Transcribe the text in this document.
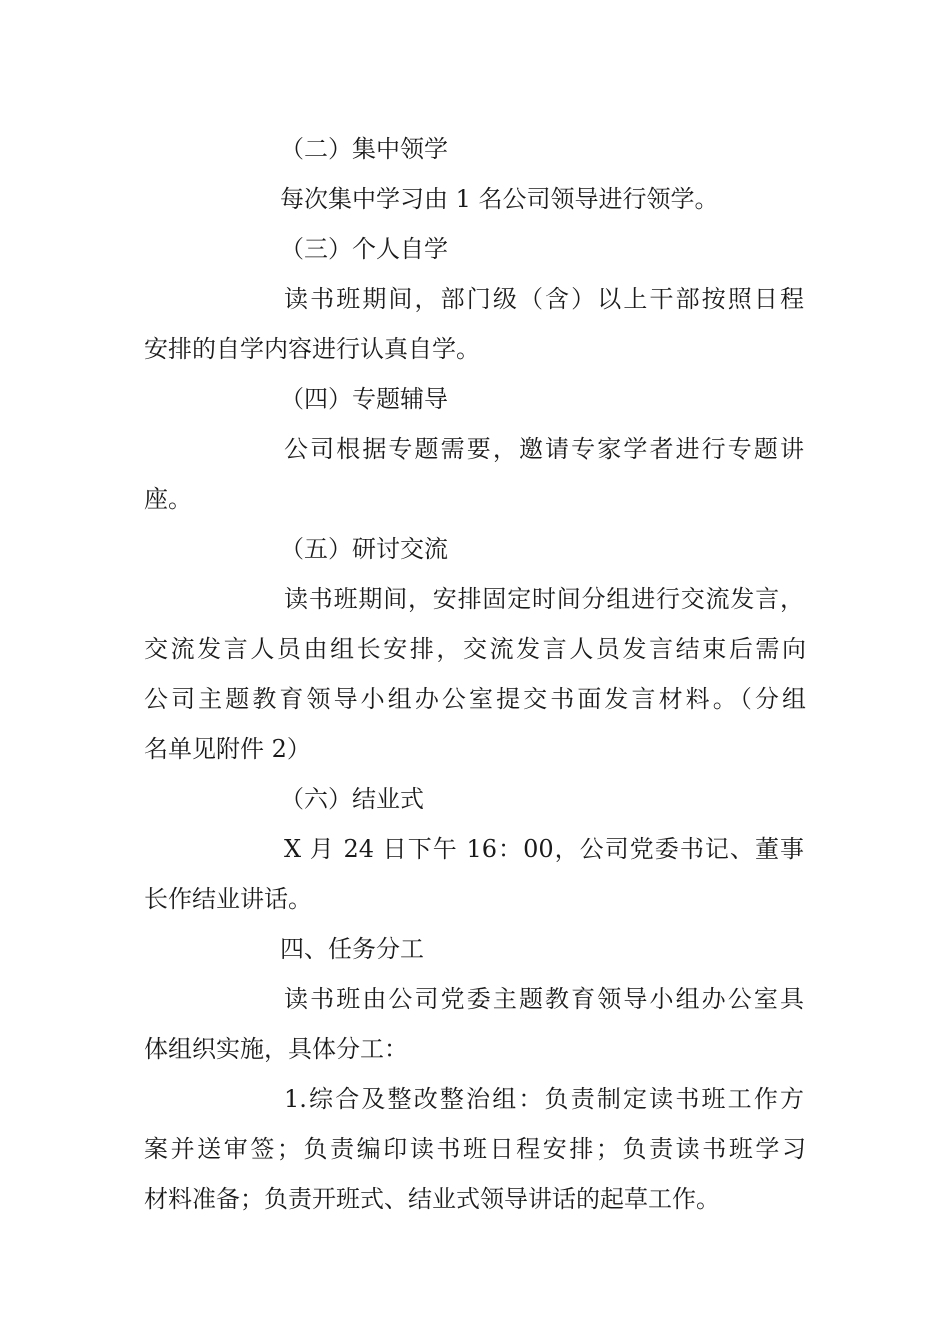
（二）集中领学

每次集中学习由 1 名公司领导进行领学。

（三）个人自学

读书班期间，部门级（含）以上干部按照日程

安排的自学内容进行认真自学。

（四）专题辅导

公司根据专题需要，邀请专家学者进行专题讲

座。

（五）研讨交流

读书班期间，安排固定时间分组进行交流发言，

交流发言人员由组长安排，交流发言人员发言结束后需向

公司主题教育领导小组办公室提交书面发言材料。（分组

名单见附件 2）

（六）结业式

X 月 24 日下午 16：00，公司党委书记、董事

长作结业讲话。

四、任务分工

读书班由公司党委主题教育领导小组办公室具

体组织实施，具体分工：

1.综合及整改整治组：负责制定读书班工作方

案并送审签；负责编印读书班日程安排；负责读书班学习

材料准备；负责开班式、结业式领导讲话的起草工作。
